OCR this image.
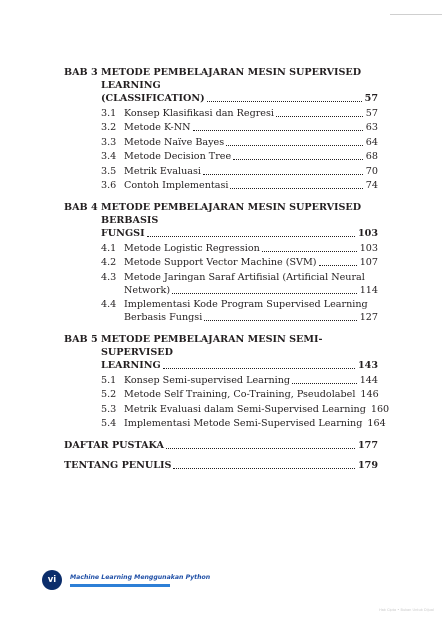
BAB 3 METODE PEMBELAJARAN MESIN SUPERVISED LEARNING
(CLASSIFICATION)	57
3.1 Konsep Klasifikasi dan Regresi	57
3.2 Metode K-NN	63
3.3 Metode Naïve Bayes	64
3.4 Metode Decision Tree	68
3.5 Metrik Evaluasi	70
3.6 Contoh Implementasi	74
BAB 4 METODE PEMBELAJARAN MESIN SUPERVISED BERBASIS
FUNGSI	103
4.1 Metode Logistic Regression	103
4.2 Metode Support Vector Machine (SVM)	107
4.3 Metode Jaringan Saraf Artifisial (Artificial Neural
Network)	114
4.4 Implementasi Kode Program Supervised Learning
Berbasis Fungsi	127
BAB 5 METODE PEMBELAJARAN MESIN SEMI-SUPERVISED
LEARNING	143
5.1 Konsep Semi-supervised Learning	144
5.2 Metode Self Training, Co-Training, Pseudolabel 146
5.3 Metrik Evaluasi dalam Semi-Supervised Learning 160
5.4 Implementasi Metode Semi-Supervised Learning 164
DAFTAR PUSTAKA	177
TENTANG PENULIS	179
vi	Machine Learning Menggunakan Python
Hak Cipta • Bukan Untuk Dijual
